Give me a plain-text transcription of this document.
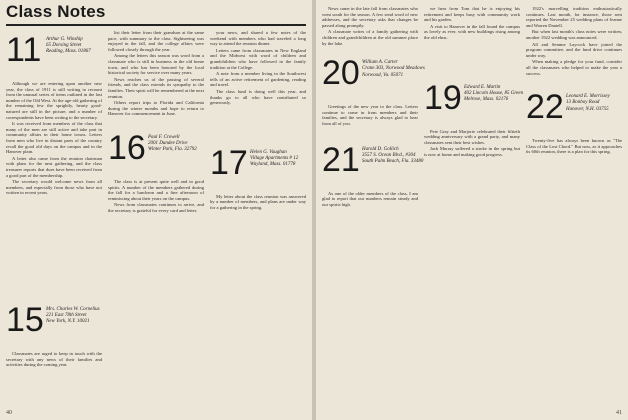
Class Notes
11 Arthur G. Winship
65 Dorsing Street
Reading, Mass. 01867

Although we are entering upon another new year, the class of 1911 is still writing to recount from the unusual series of items outlined in the last number of the Old West. At the age-old gathering of the remaining few the sprightly, hearty good-natured are still in the picture, and a number of correspondents have been writing to the secretary.

It was received from members of the class that many of the men are still active and take part in community affairs in their home towns. Letters from men who live in distant parts of the country recall the good old days on the campus and in the Hanover plain.

A letter also came from the reunion chairman with plans for the next gathering, and the class treasurer reports that dues have been received from a good part of the membership.

The secretary would welcome news from all members, and especially from those who have not written in recent years.

list their letter from their grandson at the same pace, with summary to the class. Sightseeing was enjoyed in the fall, and the college affairs were followed closely through the year.

Among the letters this season was word from a classmate who is still in business in the old home town, and who has been honored by the local historical society for service over many years.

News reaches us of the passing of several friends, and the class extends its sympathy to the families. Their spirit will be remembered at the next reunion.

Others report trips to Florida and California during the winter months and hope to return to Hanover for commencement in June.

16 Paul F. Crowell
2001 Dundee Drive
Winter Park, Fla. 32792

The class is at present quite well and in good spirits. A number of the members gathered during the fall for a luncheon and a fine afternoon of reminiscing about their years on the campus.

News from classmates continues to arrive, and the secretary is grateful for every card and letter.

your news, and shared a few notes of the weekend with members who had traveled a long way to attend the reunion dinner.

Letters came from classmates in New England and the Midwest with word of children and grandchildren who have followed in the family tradition at the College.

A note from a member living in the Southwest tells of an active retirement of gardening, reading and travel.

The class fund is doing well this year, and thanks go to all who have contributed so generously.

17 Helen G. Vaughan
Village Apartments # 12
Wayland, Mass. 01778

My letter about the class reunion was answered by a number of members, and plans are under way for a gathering in the spring.

15 Mrs. Charles W. Cornelius
221 East 78th Street
New York, N.Y. 10021

Classmates are urged to keep in touch with the secretary with any news of their families and activities during the coming year.

40

News came in the late fall from classmates who went south for the season. A few send word of new addresses, and the secretary asks that changes be passed along promptly.

A classmate writes of a family gathering with children and grandchildren at the old summer place by the lake.

20 William A. Carter
Crane 303, Norwood Meadows
Norwood, Va. 05071

Greetings of the new year to the class. Letters continue to come in from members and their families, and the secretary is always glad to hear from all of you.

21 Harold D. Gollich
3557 S. Ocean Blvd., #304
South Palm Beach, Fla. 33480

As one of the older members of the class, I am glad to report that our numbers remain steady and our spirits high.

we hear from Tom that he is enjoying his retirement and keeps busy with community work and his garden.

A visit to Hanover in the fall found the campus as lovely as ever, with new buildings rising among the old elms.

19 Edward E. Martin
402 Lincoln House, 85 Green
Melrose, Mass. 02176

Pete Gray and Marjorie celebrated their fiftieth wedding anniversary with a grand party, and many classmates sent their best wishes.

Jack Murray suffered a stroke in the spring but is now at home and making good progress.

1922's marvelling tradition enthusiastically continues. Last month, for instance, those sent reported the November 25 wedding plans of Jeanne and Warren Daniell.

But when last month's class notes were written, another 1922 wedding was announced.

All and Semme Laycock have joined the program committee, and the fund drive continues under way.

When making a pledge for your fund, consider all the classmates who helped to make the year a success.

22 Leonard E. Morrissey
13 Bonboy Road
Hanover, N.H. 03755

Twenty-five has always been known as "The Class of the Lost Chord." But now, as it approaches its 60th reunion, there is a plan for this spring.

41
